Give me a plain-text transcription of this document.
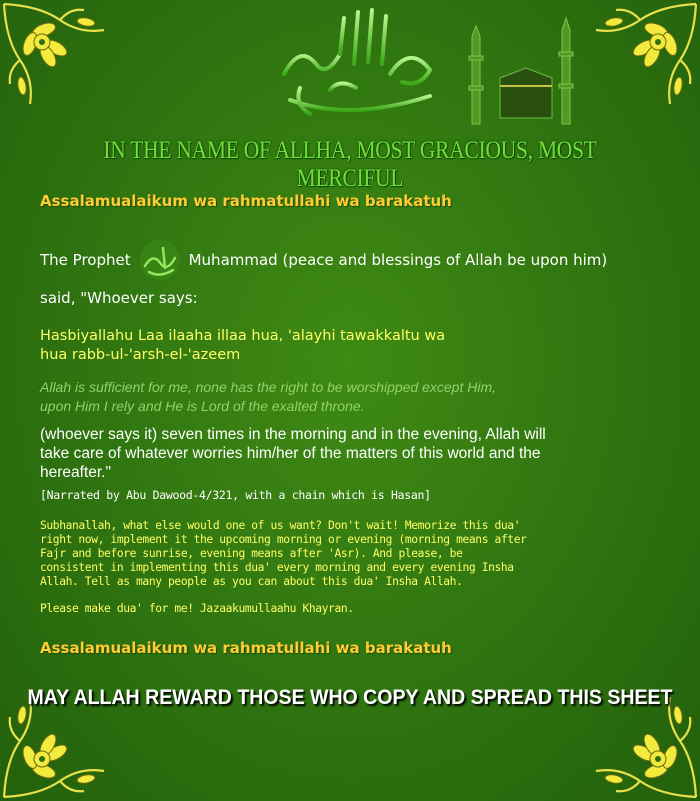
IN THE NAME OF ALLHA, MOST GRACIOUS, MOST MERCIFUL
Assalamualaikum wa rahmatullahi wa barakatuh
The Prophet	Muhammad (peace and blessings of Allah be upon him)
said, "Whoever says:
Hasbiyallahu Laa ilaaha illaa hua, 'alayhi tawakkaltu wa
hua rabb-ul-'arsh-el-'azeem
Allah is sufficient for me, none has the right to be worshipped except Him,
upon Him I rely and He is Lord of the exalted throne.
(whoever says it) seven times in the morning and in the evening, Allah will
take care of whatever worries him/her of the matters of this world and the
hereafter."
[Narrated by Abu Dawood-4/321, with a chain which is Hasan]

Subhanallah, what else would one of us want? Don't wait! Memorize this dua'

right now, implement it the upcoming morning or evening (morning means after

Fajr and before sunrise, evening means after 'Asr). And please, be

consistent in implementing this dua' every morning and every evening Insha

Allah. Tell as many people as you can about this dua' Insha Allah.

Please make dua' for me! Jazaakumullaahu Khayran.
Assalamualaikum wa rahmatullahi wa barakatuh
MAY ALLAH REWARD THOSE WHO COPY AND SPREAD THIS SHEET
